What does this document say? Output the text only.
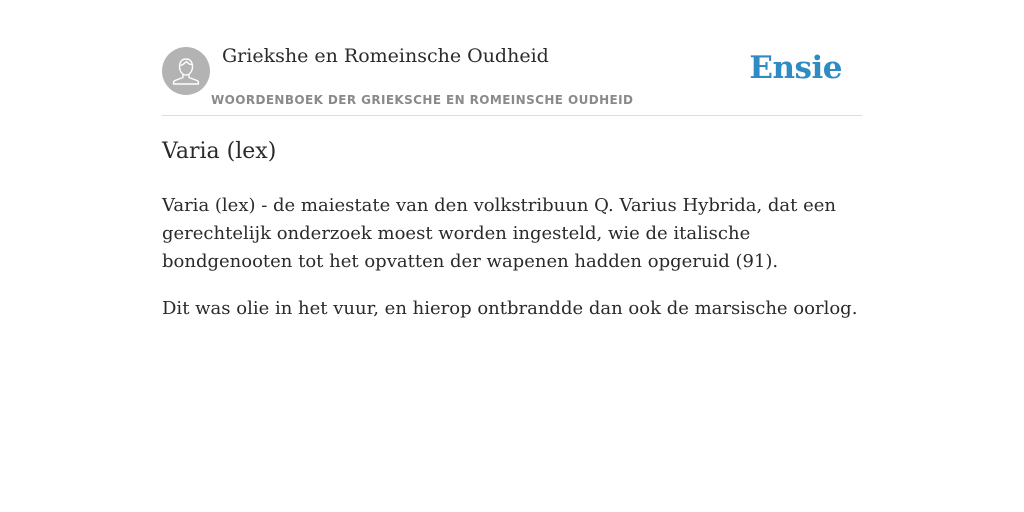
Griekshe en Romeinsche Oudheid
WOORDENBOEK DER GRIEKSCHE EN ROMEINSCHE OUDHEID
Ensie
Varia (lex)

Varia (lex) - de maiestate van den volkstribuun Q. Varius Hybrida, dat een gerechtelijk onderzoek moest worden ingesteld, wie de italische bondgenooten tot het opvatten der wapenen hadden opgeruid (91).

Dit was olie in het vuur, en hierop ontbrandde dan ook de marsische oorlog.
